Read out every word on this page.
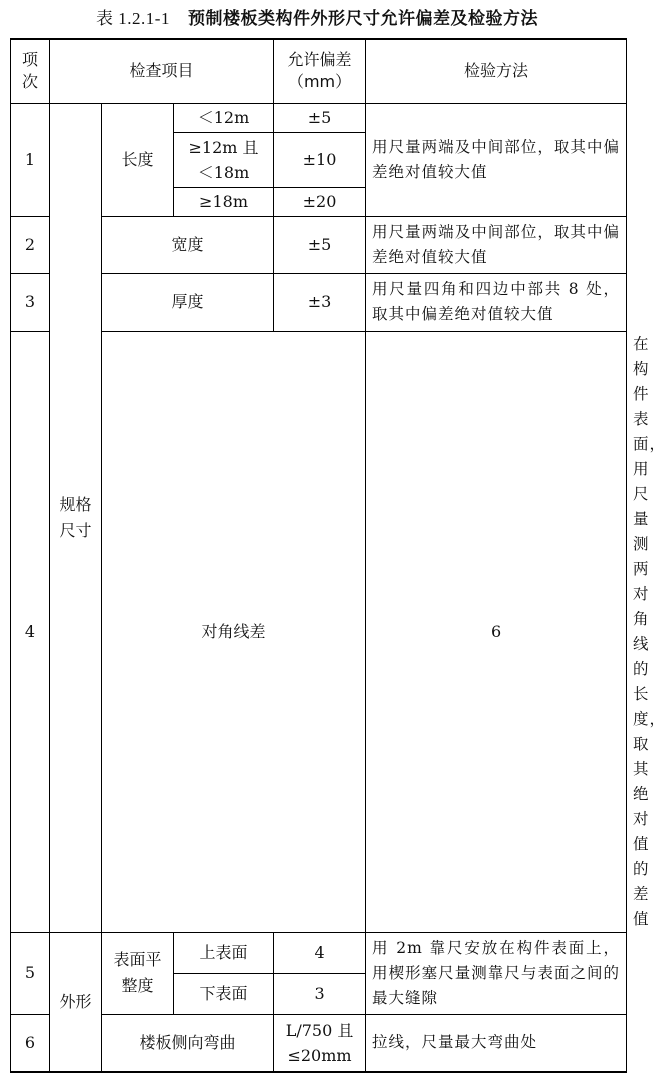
表 1.2.1-1 预制楼板类构件外形尺寸允许偏差及检验方法
项次	检查项目			允许偏差（mm）	检验方法	
1	规格尺寸	长度	＜12m	±5	用尺量两端及中间部位，取其中偏差绝对值较大值	
			≥12m 且＜18m	±10		
			≥18m	±20		
2		宽度		±5	用尺量两端及中间部位，取其中偏差绝对值较大值	
3		厚度		±3	用尺量四角和四边中部共 8 处，取其中偏差绝对值较大值	
4		对角线差			6	在构件表面，用尺量测两对角线的长度，取其绝对值的差值
5	外形	表面平整度	上表面	4	用 2m 靠尺安放在构件表面上，用楔形塞尺量测靠尺与表面之间的最大缝隙	
			下表面	3		
6		楼板侧向弯曲		L/750 且≤20mm	拉线，尺量最大弯曲处	
